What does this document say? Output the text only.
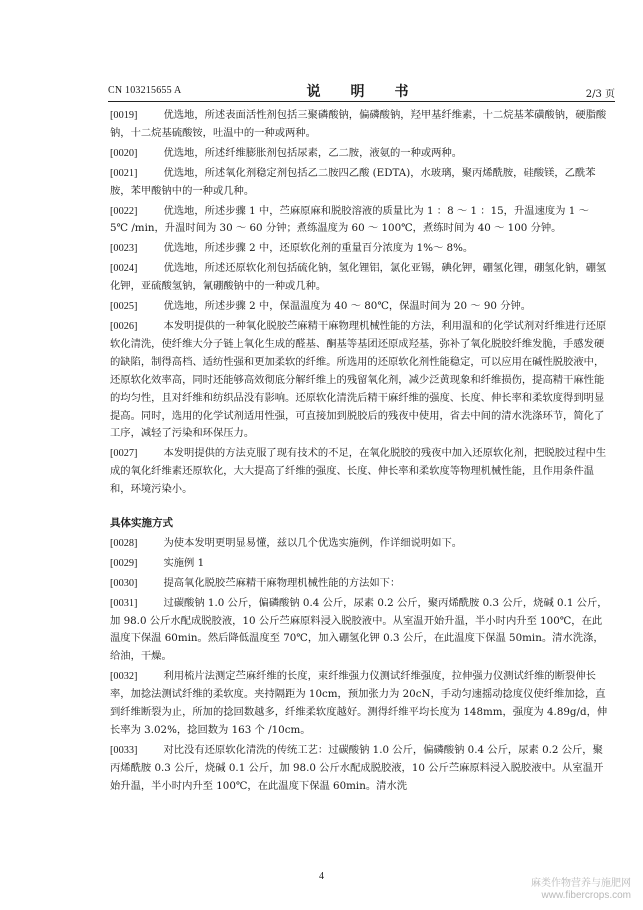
CN 103215655 A	说　明　书	2/3 页
[0019]	优选地，所述表面活性剂包括三聚磷酸钠，偏磷酸钠，羟甲基纤维素，十二烷基苯磺酸钠，硬脂酸钠，十二烷基硫酸铵，吐温中的一种或两种。
[0020]	优选地，所述纤维膨胀剂包括尿素，乙二胺，液氨的一种或两种。
[0021]	优选地，所述氧化剂稳定剂包括乙二胺四乙酸 (EDTA)，水玻璃，聚丙烯酰胺，硅酸镁，乙酰苯胺，苯甲酸钠中的一种或几种。
[0022]	优选地，所述步骤 1 中，苎麻原麻和脱胶溶液的质量比为 1 ：8 ～ 1 ：15，升温速度为 1 ～ 5℃ /min，升温时间为 30 ～ 60 分钟；煮练温度为 60 ～ 100℃，煮练时间为 40 ～ 100 分钟。
[0023]	优选地，所述步骤 2 中，还原软化剂的重量百分浓度为 1%～ 8%。
[0024]	优选地，所述还原软化剂包括硫化钠，氢化锂铝，氯化亚锡，碘化钾，硼氢化锂，硼氢化钠，硼氢化钾，亚硫酸氢钠，氰硼酸钠中的一种或几种。
[0025]	优选地，所述步骤 2 中，保温温度为 40 ～ 80℃，保温时间为 20 ～ 90 分钟。
[0026]	本发明提供的一种氧化脱胶苎麻精干麻物理机械性能的方法，利用温和的化学试剂对纤维进行还原软化清洗，使纤维大分子链上氧化生成的醛基、酮基等基团还原成羟基，弥补了氧化脱胶纤维发脆，手感发硬的缺陷，制得高档、适纺性强和更加柔软的纤维。所选用的还原软化剂性能稳定，可以应用在碱性脱胶液中，还原软化效率高，同时还能够高效彻底分解纤维上的残留氧化剂，减少泛黄现象和纤维损伤，提高精干麻性能的均匀性，且对纤维和纺织品没有影响。还原软化清洗后精干麻纤维的强度、长度、伸长率和柔软度得到明显提高。同时，选用的化学试剂适用性强，可直接加到脱胶后的残夜中使用，省去中间的清水洗涤环节，简化了工序，减轻了污染和环保压力。
[0027]	本发明提供的方法克服了现有技术的不足，在氧化脱胶的残夜中加入还原软化剂，把脱胶过程中生成的氧化纤维素还原软化，大大提高了纤维的强度、长度、伸长率和柔软度等物理机械性能，且作用条件温和，环境污染小。
具体实施方式
[0028]	为使本发明更明显易懂，兹以几个优选实施例，作详细说明如下。
[0029]	实施例 1
[0030]	提高氧化脱胶苎麻精干麻物理机械性能的方法如下：
[0031]	过碳酸钠 1.0 公斤，偏磷酸钠 0.4 公斤，尿素 0.2 公斤，聚丙烯酰胺 0.3 公斤，烧碱 0.1 公斤，加 98.0 公斤水配成脱胶液，10 公斤苎麻原料浸入脱胶液中。从室温开始升温，半小时内升至 100℃，在此温度下保温 60min。然后降低温度至 70℃，加入硼氢化钾 0.3 公斤，在此温度下保温 50min。清水洗涤，给油，干燥。
[0032]	利用梳片法测定苎麻纤维的长度，束纤维强力仪测试纤维强度，拉伸强力仪测试纤维的断裂伸长率，加捻法测试纤维的柔软度。夹持隔距为 10cm，预加张力为 20cN，手动匀速摇动捻度仪使纤维加捻，直到纤维断裂为止，所加的捻回数越多，纤维柔软度越好。测得纤维平均长度为 148mm，强度为 4.89g/d，伸长率为 3.02%，捻回数为 163 个 /10cm。
[0033]	对比没有还原软化清洗的传统工艺：过碳酸钠 1.0 公斤，偏磷酸钠 0.4 公斤，尿素 0.2 公斤，聚丙烯酰胺 0.3 公斤，烧碱 0.1 公斤，加 98.0 公斤水配成脱胶液，10 公斤苎麻原料浸入脱胶液中。从室温开始升温，半小时内升至 100℃，在此温度下保温 60min。清水洗
4
麻类作物营养与施肥网
www.fibercrops.com
